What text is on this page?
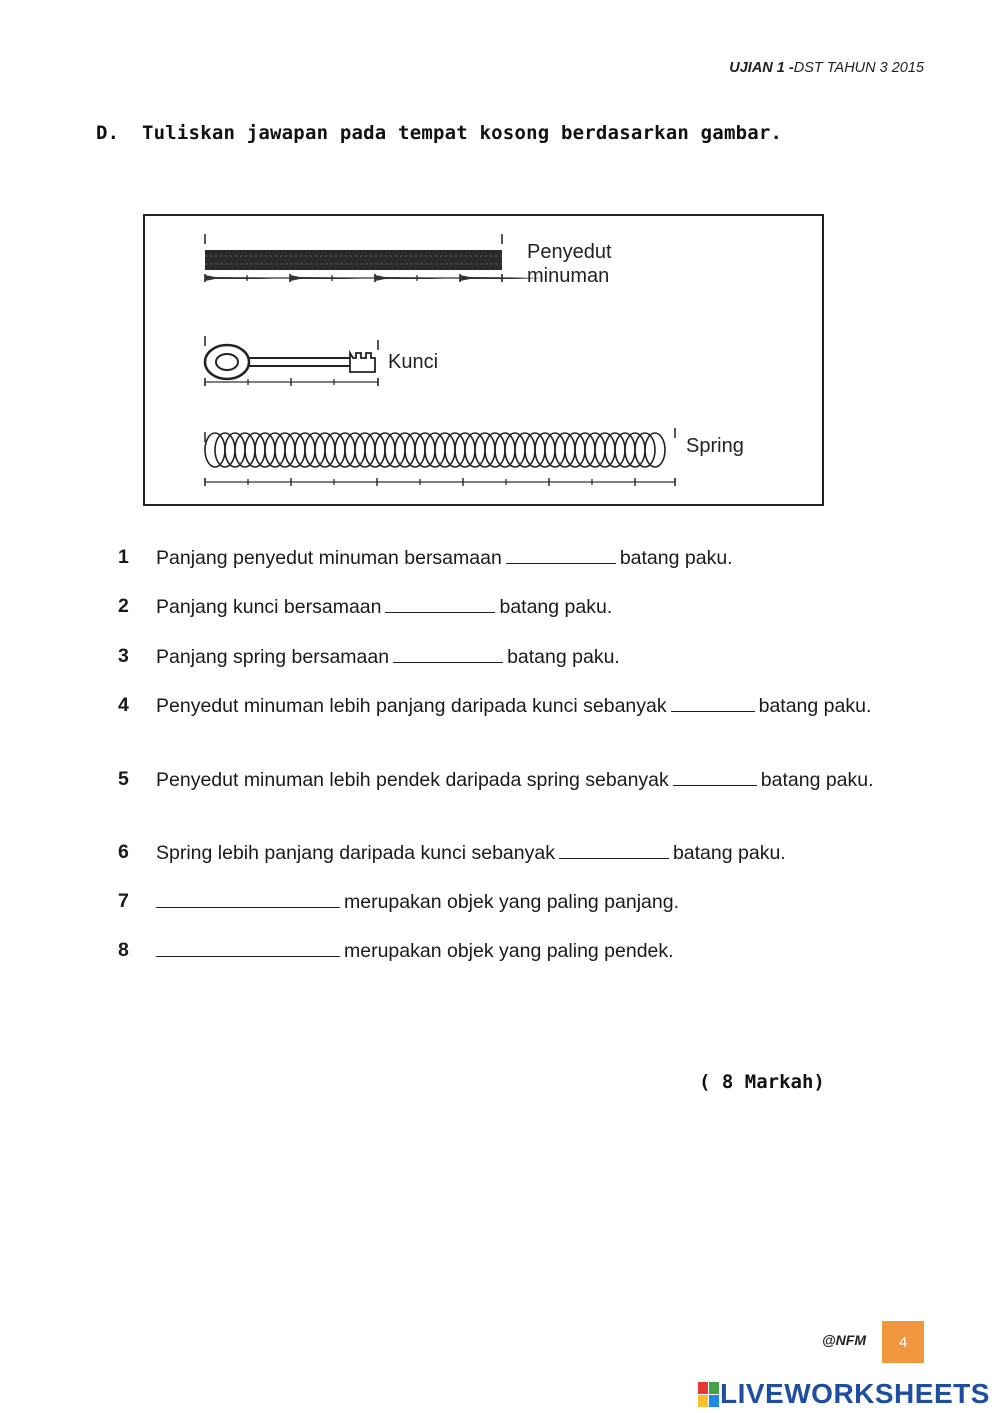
UJIAN 1 -DST TAHUN 3 2015
D. Tuliskan jawapan pada tempat kosong berdasarkan gambar.
Penyedut
minuman
Kunci
Spring
1	Panjang penyedut minuman bersamaan	batang paku.
2	Panjang kunci bersamaan	batang paku.
3	Panjang spring bersamaan	batang paku.
4	Penyedut minuman lebih panjang daripada kunci sebanyak	batang paku.
5	Penyedut minuman lebih pendek daripada spring sebanyak	batang paku.
6	Spring lebih panjang daripada kunci sebanyak	batang paku.
7	merupakan objek yang paling panjang.
8	merupakan objek yang paling pendek.
( 8 Markah)
@NFM	4
LIVEWORKSHEETS
